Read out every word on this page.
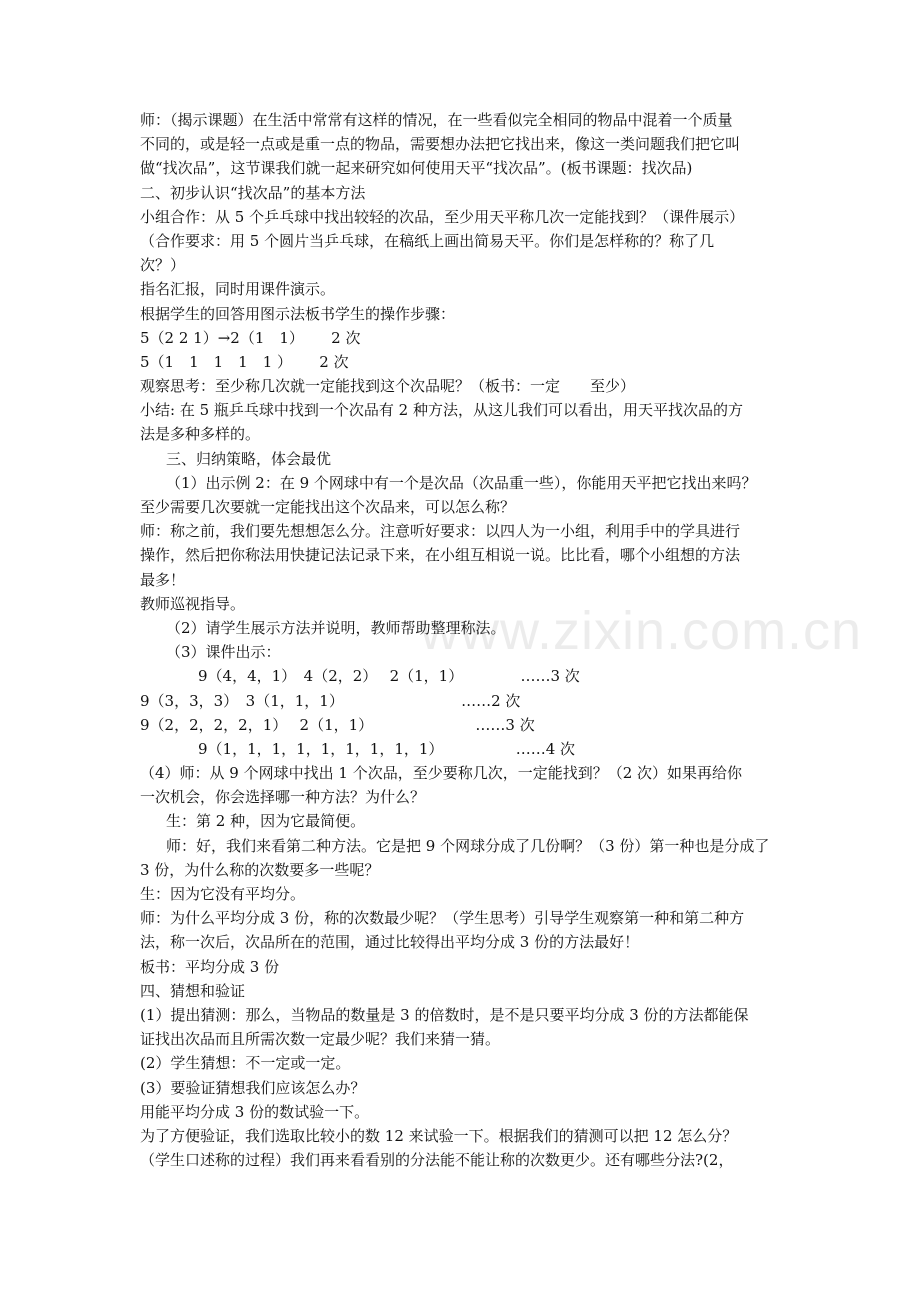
www.zixin.com.cn
师：（揭示课题）在生活中常常有这样的情况，在一些看似完全相同的物品中混着一个质量
不同的，或是轻一点或是重一点的物品，需要想办法把它找出来，像这一类问题我们把它叫
做“找次品”，这节课我们就一起来研究如何使用天平“找次品”。(板书课题：找次品)
二、初步认识“找次品”的基本方法
小组合作：从 5 个乒乓球中找出较轻的次品，至少用天平称几次一定能找到？（课件展示）
（合作要求：用 5 个圆片当乒乓球，在稿纸上画出简易天平。你们是怎样称的？称了几
次？）
指名汇报，同时用课件演示。
根据学生的回答用图示法板书学生的操作步骤：
5（2 2 1）→2（1　1）　　 2 次
5（1　1　1　1　1 ）　　 2 次
观察思考：至少称几次就一定能找到这个次品呢？（板书：一定　　至少）
小结: 在 5 瓶乒乓球中找到一个次品有 2 种方法，从这儿我们可以看出，用天平找次品的方
法是多种多样的。
三、归纳策略，体会最优
（1）出示例 2：在 9 个网球中有一个是次品（次品重一些），你能用天平把它找出来吗？
至少需要几次要就一定能找出这个次品来，可以怎么称？
师：称之前，我们要先想想怎么分。注意听好要求：以四人为一小组，利用手中的学具进行
操作，然后把你称法用快捷记法记录下来，在小组互相说一说。比比看，哪个小组想的方法
最多！
教师巡视指导。
（2）请学生展示方法并说明，教师帮助整理称法。
（3）课件出示：
9（4，4，1）　4（2，2）　 2（1，1）　　　　 ……3 次
9（3，3，3）　3（1，1，1）　　　　　　　　 ……2 次
9（2，2，2，2，1）　 2（1，1）　　　　　　　 ……3 次
9（1，1，1，1，1，1，1，1，1）　　　　　 ……4 次
（4）师：从 9 个网球中找出 1 个次品，至少要称几次，一定能找到？（2 次）如果再给你
一次机会，你会选择哪一种方法？为什么？
生：第 2 种，因为它最简便。
师：好，我们来看第二种方法。它是把 9 个网球分成了几份啊？（3 份）第一种也是分成了
3 份，为什么称的次数要多一些呢？
生：因为它没有平均分。
师：为什么平均分成 3 份，称的次数最少呢？（学生思考）引导学生观察第一种和第二种方
法，称一次后，次品所在的范围，通过比较得出平均分成 3 份的方法最好！
板书：平均分成 3 份
四、猜想和验证
(1）提出猜测：那么，当物品的数量是 3 的倍数时，是不是只要平均分成 3 份的方法都能保
证找出次品而且所需次数一定最少呢？我们来猜一猜。
(2）学生猜想：不一定或一定。
(3）要验证猜想我们应该怎么办？
用能平均分成 3 份的数试验一下。
为了方便验证，我们选取比较小的数 12 来试验一下。根据我们的猜测可以把 12 怎么分？
（学生口述称的过程）我们再来看看别的分法能不能让称的次数更少。还有哪些分法?(2，
